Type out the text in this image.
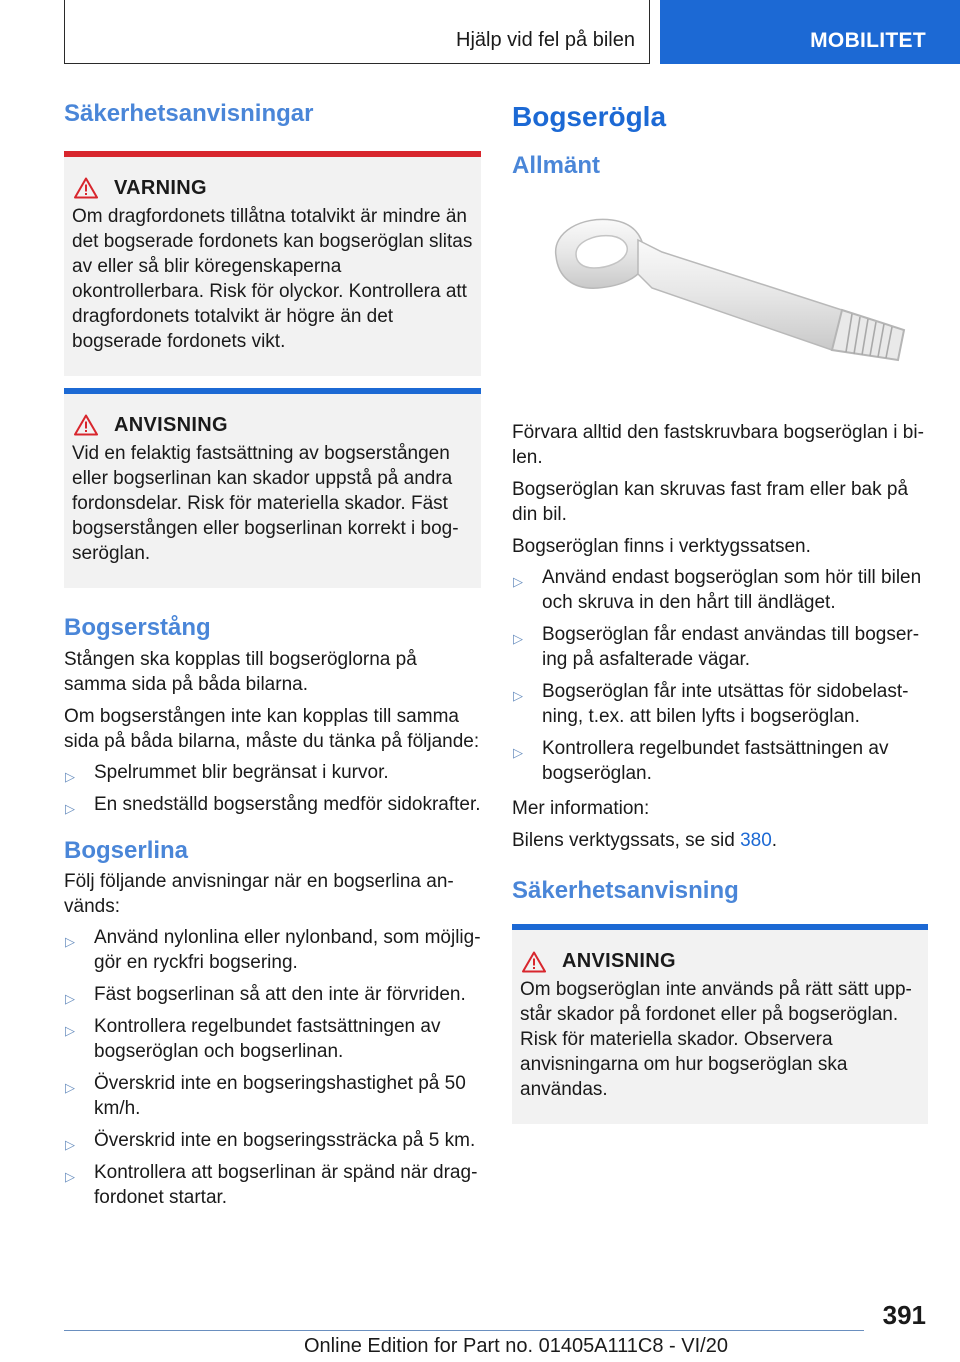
Hjälp vid fel på bilen	MOBILITET
Säkerhetsanvisningar
VARNING

Om dragfordonets tillåtna totalvikt är mindre än det bogserade fordonets kan bogseröglan slitas av eller så blir köregenskaperna okontrollerbara. Risk för olyckor. Kontrollera att dragfordonets totalvikt är högre än det bogserade fordonets vikt.

ANVISNING

Vid en felaktig fastsättning av bogserstången eller bogserlinan kan skador uppstå på andra fordonsdelar. Risk för materiella skador. Fäst bogserstången eller bogserlinan korrekt i bogseröglan.

Bogserstång

Stången ska kopplas till bogseröglorna på samma sida på båda bilarna.

Om bogserstången inte kan kopplas till samma sida på båda bilarna, måste du tänka på följande:

▷ Spelrummet blir begränsat i kurvor.
▷ En snedställd bogserstång medför sidokrafter.
Bogserlina

Följ följande anvisningar när en bogserlina används:

▷ Använd nylonlina eller nylonband, som möjliggör en ryckfri bogsering.
▷ Fäst bogserlinan så att den inte är förvriden.
▷ Kontrollera regelbundet fastsättningen av bogseröglan och bogserlinan.
▷ Överskrid inte en bogseringshastighet på 50 km/h.
▷ Överskrid inte en bogseringssträcka på 5 km.
▷ Kontrollera att bogserlinan är spänd när dragfordonet startar.
Bogserögla
Allmänt

Förvara alltid den fastskruvbara bogseröglan i bilen.

Bogseröglan kan skruvas fast fram eller bak på din bil.

Bogseröglan finns i verktygssatsen.

▷ Använd endast bogseröglan som hör till bilen och skruva in den hårt till ändläget.
▷ Bogseröglan får endast användas till bogsering på asfalterade vägar.
▷ Bogseröglan får inte utsättas för sidobelastning, t.ex. att bilen lyfts i bogseröglan.
▷ Kontrollera regelbundet fastsättningen av bogseröglan.

Mer information:

Bilens verktygssats, se sid 380.

Säkerhetsanvisning
ANVISNING

Om bogseröglan inte används på rätt sätt uppstår skador på fordonet eller på bogseröglan. Risk för materiella skador. Observera anvisningarna om hur bogseröglan ska användas.

391
Online Edition for Part no. 01405A111C8 - VI/20
